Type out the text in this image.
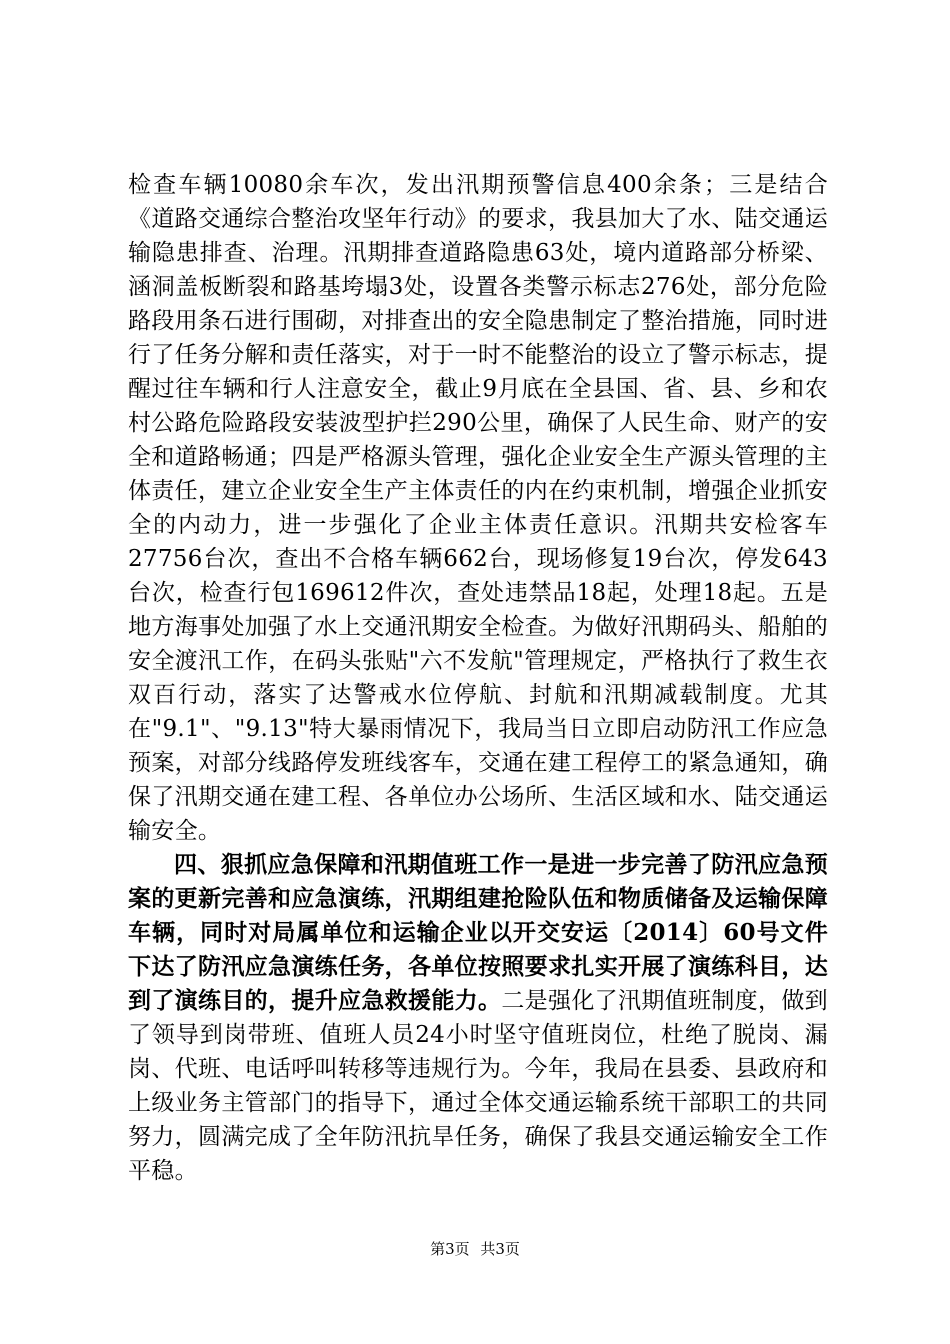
检查车辆10080余车次，发出汛期预警信息400余条；三是结合《道路交通综合整治攻坚年行动》的要求，我县加大了水、陆交通运输隐患排查、治理。汛期排查道路隐患63处，境内道路部分桥梁、涵洞盖板断裂和路基垮塌3处，设置各类警示标志276处，部分危险路段用条石进行围砌，对排查出的安全隐患制定了整治措施，同时进行了任务分解和责任落实，对于一时不能整治的设立了警示标志，提醒过往车辆和行人注意安全，截止9月底在全县国、省、县、乡和农村公路危险路段安装波型护拦290公里，确保了人民生命、财产的安全和道路畅通；四是严格源头管理，强化企业安全生产源头管理的主体责任，建立企业安全生产主体责任的内在约束机制，增强企业抓安全的内动力，进一步强化了企业主体责任意识。汛期共安检客车27756台次，查出不合格车辆662台，现场修复19台次，停发643台次，检查行包169612件次，查处违禁品18起，处理18起。五是地方海事处加强了水上交通汛期安全检查。为做好汛期码头、船舶的安全渡汛工作，在码头张贴"六不发航"管理规定，严格执行了救生衣双百行动，落实了达警戒水位停航、封航和汛期减载制度。尤其在"9.1"、"9.13"特大暴雨情况下，我局当日立即启动防汛工作应急预案，对部分线路停发班线客车，交通在建工程停工的紧急通知，确保了汛期交通在建工程、各单位办公场所、生活区域和水、陆交通运输安全。

四、狠抓应急保障和汛期值班工作一是进一步完善了防汛应急预案的更新完善和应急演练，汛期组建抢险队伍和物质储备及运输保障车辆，同时对局属单位和运输企业以开交安运〔2014〕60号文件下达了防汛应急演练任务，各单位按照要求扎实开展了演练科目，达到了演练目的，提升应急救援能力。二是强化了汛期值班制度，做到了领导到岗带班、值班人员24小时坚守值班岗位，杜绝了脱岗、漏岗、代班、电话呼叫转移等违规行为。今年，我局在县委、县政府和上级业务主管部门的指导下，通过全体交通运输系统干部职工的共同努力，圆满完成了全年防汛抗旱任务，确保了我县交通运输安全工作平稳。

第3页 共3页
